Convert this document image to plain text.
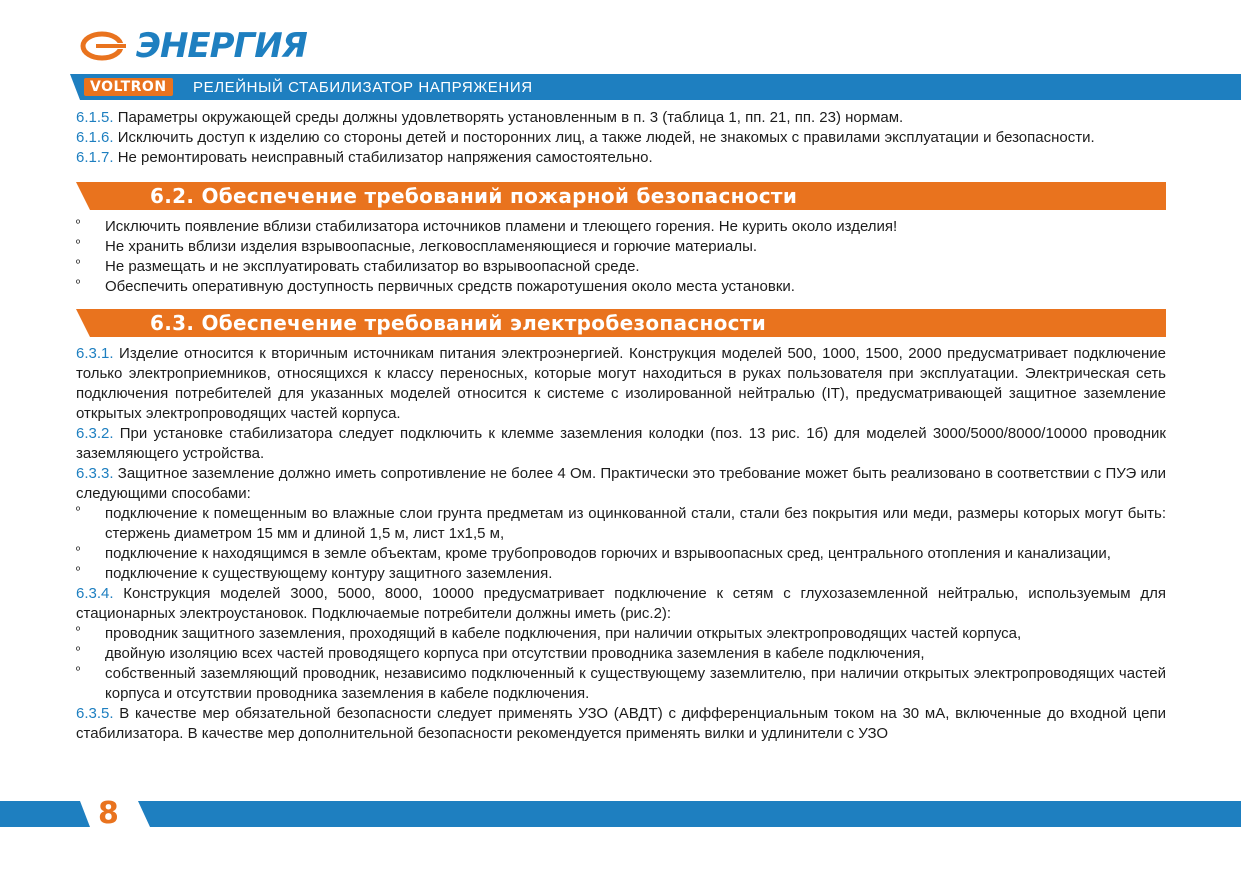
ЭНЕРГИЯ
VOLTRON	РЕЛЕЙНЫЙ СТАБИЛИЗАТОР НАПРЯЖЕНИЯ

6.1.5. Параметры окружающей среды должны удовлетворять установленным в п. 3 (таблица 1, пп. 21, пп. 23) нормам.

6.1.6. Исключить доступ к изделию со стороны детей и посторонних лиц, а также людей, не знакомых с правилами эксплуатации и безопасности.

6.1.7. Не ремонтировать неисправный стабилизатор напряжения самостоятельно.

6.2. Обеспечение требований пожарной безопасности
º Исключить появление вблизи стабилизатора источников пламени и тлеющего горения. Не курить около изделия!
º Не хранить вблизи изделия взрывоопасные, легковоспламеняющиеся и горючие материалы.
º Не размещать и не эксплуатировать стабилизатор во взрывоопасной среде.
º Обеспечить оперативную доступность первичных средств пожаротушения около места установки.
6.3. Обеспечение требований электробезопасности

6.3.1. Изделие относится к вторичным источникам питания электроэнергией. Конструкция моделей 500, 1000, 1500, 2000 предусматривает подключение только электроприемников, относящихся к классу переносных, которые могут находиться в руках пользователя при эксплуатации. Электрическая сеть подключения потребителей для указанных моделей относится к системе с изолированной нейтралью (IT), предусматривающей защитное заземление открытых электропроводящих частей корпуса.

6.3.2. При установке стабилизатора следует подключить к клемме заземления колодки (поз. 13 рис. 1б) для моделей 3000/5000/8000/10000 проводник заземляющего устройства.

6.3.3. Защитное заземление должно иметь сопротивление не более 4 Ом. Практически это требование может быть реализовано в соответствии с ПУЭ или следующими способами:

º подключение к помещенным во влажные слои грунта предметам из оцинкованной стали, стали без покрытия или меди, размеры которых могут быть: стержень диаметром 15 мм и длиной 1,5 м, лист 1х1,5 м,
º подключение к находящимся в земле объектам, кроме трубопроводов горючих и взрывоопасных сред, центрального отопления и канализации,
º подключение к существующему контуру защитного заземления.

6.3.4. Конструкция моделей 3000, 5000, 8000, 10000 предусматривает подключение к сетям с глухозаземленной нейтралью, используемым для стационарных электроустановок. Подключаемые потребители должны иметь (рис.2):

º проводник защитного заземления, проходящий в кабеле подключения, при наличии открытых электропроводящих частей корпуса,
º двойную изоляцию всех частей проводящего корпуса при отсутствии проводника заземления в кабеле подключения,
º собственный заземляющий проводник, независимо подключенный к существующему заземлителю, при наличии открытых электропроводящих частей корпуса и отсутствии проводника заземления в кабеле подключения.

6.3.5. В качестве мер обязательной безопасности следует применять УЗО (АВДТ) с дифференциальным током на 30 мА, включенные до входной цепи стабилизатора. В качестве мер дополнительной безопасности рекомендуется применять вилки и удлинители с УЗО

8
